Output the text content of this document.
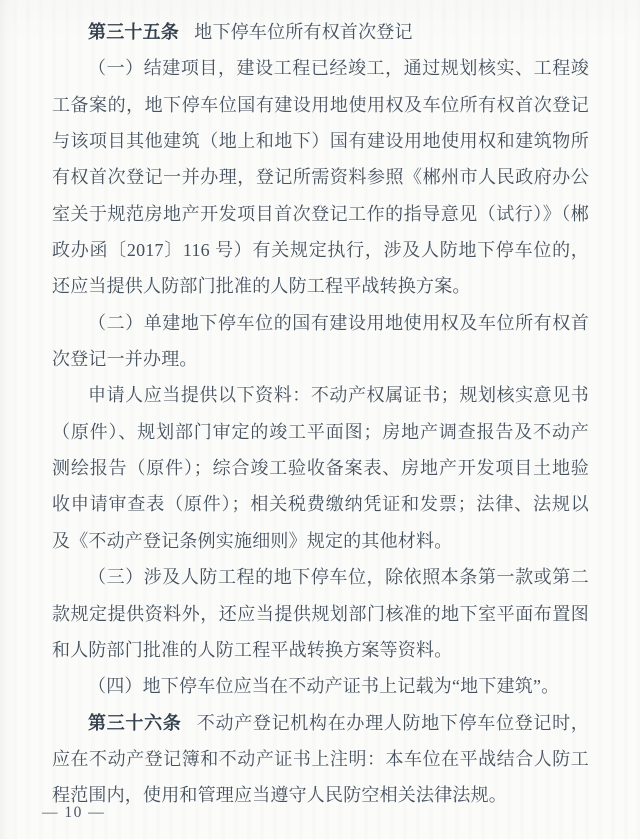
第三十五条 地下停车位所有权首次登记
（一）结建项目，建设工程已经竣工，通过规划核实、工程竣
工备案的，地下停车位国有建设用地使用权及车位所有权首次登记
与该项目其他建筑（地上和地下）国有建设用地使用权和建筑物所
有权首次登记一并办理，登记所需资料参照《郴州市人民政府办公
室关于规范房地产开发项目首次登记工作的指导意见（试行）》（郴
政办函〔2017〕116 号）有关规定执行，涉及人防地下停车位的，
还应当提供人防部门批准的人防工程平战转换方案。
（二）单建地下停车位的国有建设用地使用权及车位所有权首
次登记一并办理。
申请人应当提供以下资料：不动产权属证书；规划核实意见书
（原件）、规划部门审定的竣工平面图；房地产调查报告及不动产
测绘报告（原件）；综合竣工验收备案表、房地产开发项目土地验
收申请审查表（原件）；相关税费缴纳凭证和发票；法律、法规以
及《不动产登记条例实施细则》规定的其他材料。
（三）涉及人防工程的地下停车位，除依照本条第一款或第二
款规定提供资料外，还应当提供规划部门核准的地下室平面布置图
和人防部门批准的人防工程平战转换方案等资料。
（四）地下停车位应当在不动产证书上记载为“地下建筑”。
第三十六条 不动产登记机构在办理人防地下停车位登记时，
应在不动产登记簿和不动产证书上注明：本车位在平战结合人防工
程范围内，使用和管理应当遵守人民防空相关法律法规。
— 10 —
